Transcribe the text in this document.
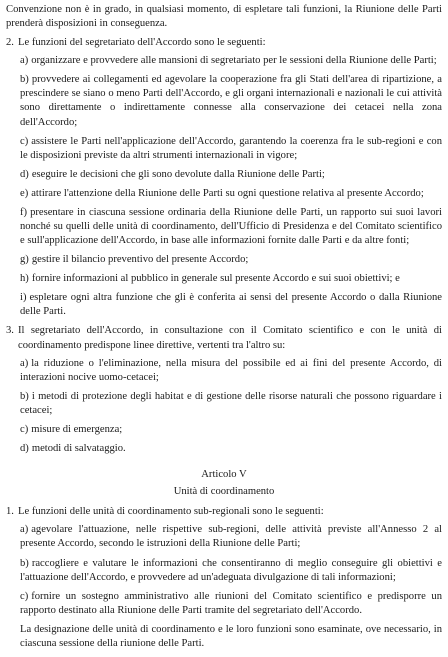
Convenzione non è in grado, in qualsiasi momento, di espletare tali funzioni, la Riunione delle Parti prenderà disposizioni in conseguenza.

2. Le funzioni del segretariato dell'Accordo sono le seguenti:

a) organizzare e provvedere alle mansioni di segretariato per le sessioni della Riunione delle Parti;

b) provvedere ai collegamenti ed agevolare la cooperazione fra gli Stati dell'area di ripartizione, a prescindere se siano o meno Parti dell'Accordo, e gli organi internazionali e nazionali le cui attività sono direttamente o indirettamente connesse alla conservazione dei cetacei nella zona dell'Accordo;

c) assistere le Parti nell'applicazione dell'Accordo, garantendo la coerenza fra le sub-regioni e con le disposizioni previste da altri strumenti internazionali in vigore;

d) eseguire le decisioni che gli sono devolute dalla Riunione delle Parti;

e) attirare l'attenzione della Riunione delle Parti su ogni questione relativa al presente Accordo;

f) presentare in ciascuna sessione ordinaria della Riunione delle Parti, un rapporto sui suoi lavori nonché su quelli delle unità di coordinamento, dell'Ufficio di Presidenza e del Comitato scientifico e sull'applicazione dell'Accordo, in base alle informazioni fornite dalle Parti e da altre fonti;

g) gestire il bilancio preventivo del presente Accordo;

h) fornire informazioni al pubblico in generale sul presente Accordo e sui suoi obiettivi; e

i) espletare ogni altra funzione che gli è conferita ai sensi del presente Accordo o dalla Riunione delle Parti.

3. Il segretariato dell'Accordo, in consultazione con il Comitato scientifico e con le unità di coordinamento predispone linee direttive, vertenti tra l'altro su:

a) la riduzione o l'eliminazione, nella misura del possibile ed ai fini del presente Accordo, di interazioni nocive uomo-cetacei;

b) i metodi di protezione degli habitat e di gestione delle risorse naturali che possono riguardare i cetacei;

c) misure di emergenza;

d) metodi di salvataggio.

Articolo V

Unità di coordinamento

1. Le funzioni delle unità di coordinamento sub-regionali sono le seguenti:

a) agevolare l'attuazione, nelle rispettive sub-regioni, delle attività previste all'Annesso 2 al presente Accordo, secondo le istruzioni della Riunione delle Parti;

b) raccogliere e valutare le informazioni che consentiranno di meglio conseguire gli obiettivi e l'attuazione dell'Accordo, e provvedere ad un'adeguata divulgazione di tali informazioni;

c) fornire un sostegno amministrativo alle riunioni del Comitato scientifico e predisporre un rapporto destinato alla Riunione delle Parti tramite del segretariato dell'Accordo.

La designazione delle unità di coordinamento e le loro funzioni sono esaminate, ove necessario, in ciascuna sessione della riunione delle Parti.
